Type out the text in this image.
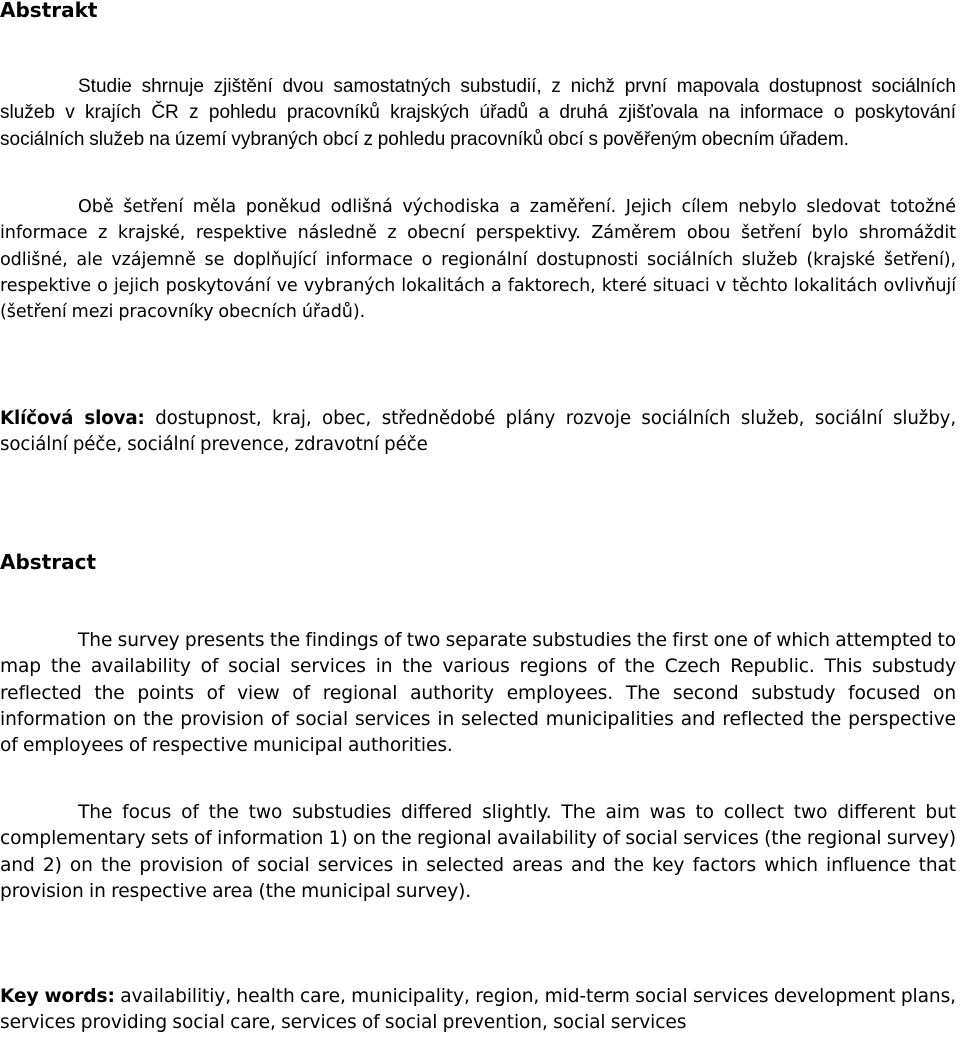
Abstrakt

Studie shrnuje zjištění dvou samostatných substudií, z nichž první mapovala dostupnost sociálních služeb v krajích ČR z pohledu pracovníků krajských úřadů a druhá zjišťovala na informace o poskytování sociálních služeb na území vybraných obcí z pohledu pracovníků obcí s pověřeným obecním úřadem.

Obě šetření měla poněkud odlišná východiska a zaměření. Jejich cílem nebylo sledovat totožné informace z krajské, respektive následně z obecní perspektivy. Záměrem obou šetření bylo shromáždit odlišné, ale vzájemně se doplňující informace o regionální dostupnosti sociálních služeb (krajské šetření), respektive o jejich poskytování ve vybraných lokalitách a faktorech, které situaci v těchto lokalitách ovlivňují (šetření mezi pracovníky obecních úřadů).

Klíčová slova: dostupnost, kraj, obec, střednědobé plány rozvoje sociálních služeb, sociální služby, sociální péče, sociální prevence, zdravotní péče

Abstract

The survey presents the findings of two separate substudies the first one of which attempted to map the availability of social services in the various regions of the Czech Republic. This substudy reflected the points of view of regional authority employees. The second substudy focused on information on the provision of social services in selected municipalities and reflected the perspective of employees of respective municipal authorities.

The focus of the two substudies differed slightly. The aim was to collect two different but complementary sets of information 1) on the regional availability of social services (the regional survey) and 2) on the provision of social services in selected areas and the key factors which influence that provision in respective area (the municipal survey).

Key words: availabilitiy, health care, municipality, region, mid-term social services development plans, services providing social care, services of social prevention, social services
